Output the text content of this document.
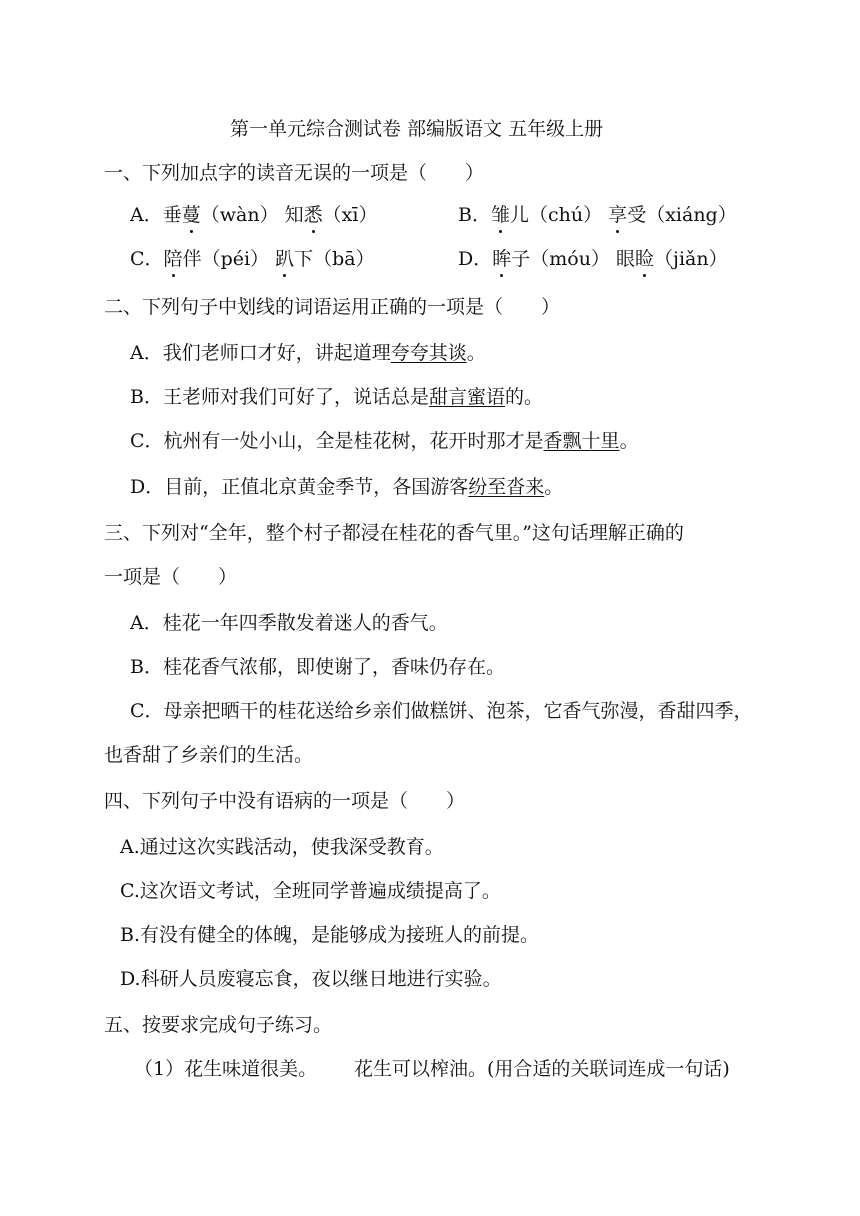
第一单元综合测试卷 部编版语文 五年级上册
一、下列加点字的读音无误的一项是（　　）
A．垂蔓（wàn） 知悉（xī）	B．雏儿（chú） 享受（xiáng）
C．陪伴（péi） 趴下（bā）	D．眸子（móu） 眼睑（jiǎn）
二、下列句子中划线的词语运用正确的一项是（　　）
A．我们老师口才好，讲起道理夸夸其谈。
B．王老师对我们可好了，说话总是甜言蜜语的。
C．杭州有一处小山，全是桂花树，花开时那才是香飘十里。
D．目前，正值北京黄金季节，各国游客纷至沓来。
三、下列对“全年，整个村子都浸在桂花的香气里。”这句话理解正确的
一项是（　　）
A．桂花一年四季散发着迷人的香气。
B．桂花香气浓郁，即使谢了，香味仍存在。
C．母亲把晒干的桂花送给乡亲们做糕饼、泡茶，它香气弥漫，香甜四季，
也香甜了乡亲们的生活。
四、下列句子中没有语病的一项是（　　）
A.通过这次实践活动，使我深受教育。
C.这次语文考试，全班同学普遍成绩提高了。
B.有没有健全的体魄，是能够成为接班人的前提。
D.科研人员废寝忘食，夜以继日地进行实验。
五、按要求完成句子练习。
（1）花生味道很美。 花生可以榨油。(用合适的关联词连成一句话)
